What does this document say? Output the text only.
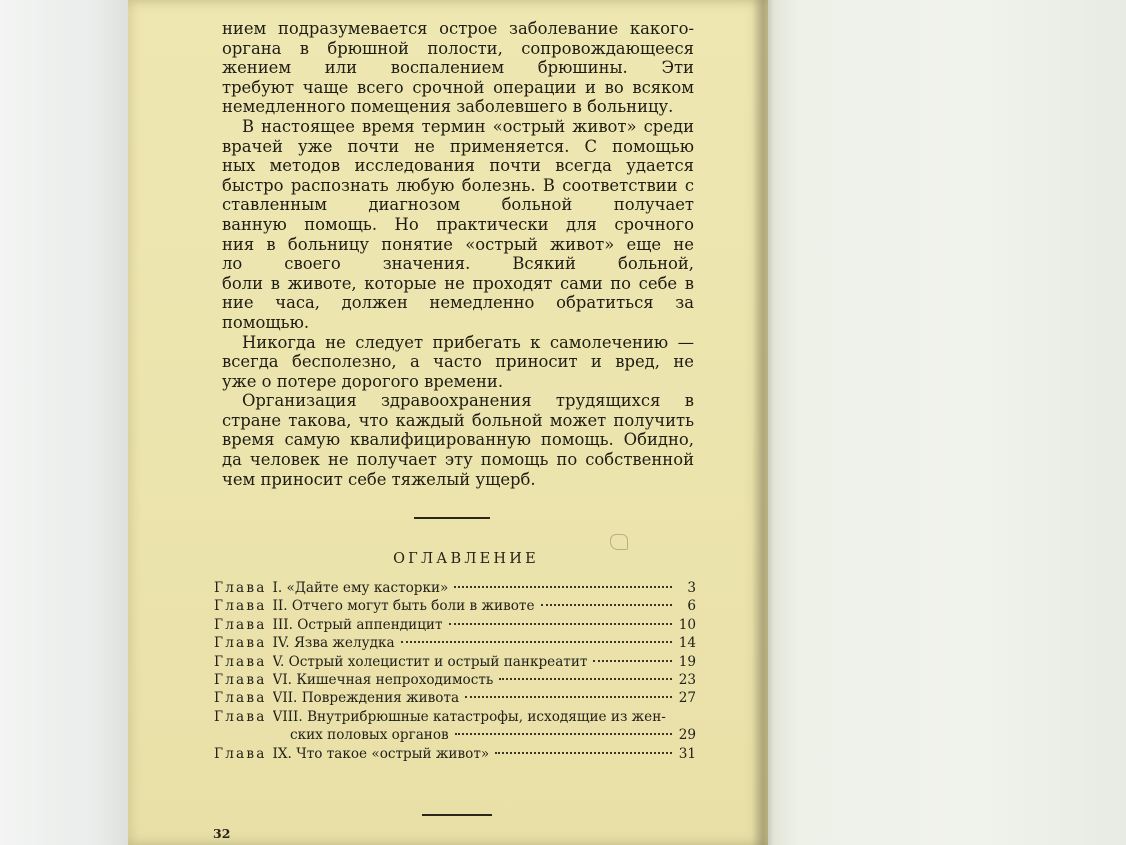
нием подразумевается острое заболевание какого-
органа в брюшной полости, сопровождающееся
жением или воспалением брюшины. Эти
требуют чаще всего срочной операции и во всяком
немедленного помещения заболевшего в больницу.
В настоящее время термин «острый живот» среди
врачей уже почти не применяется. С помощью
ных методов исследования почти всегда удается
быстро распознать любую болезнь. В соответствии с
ставленным диагнозом больной получает
ванную помощь. Но практически для срочного
ния в больницу понятие «острый живот» еще не
ло своего значения. Всякий больной,
боли в животе, которые не проходят сами по себе в
ние часа, должен немедленно обратиться за
помощью.
Никогда не следует прибегать к самолечению —
всегда бесполезно, а часто приносит и вред, не
уже о потере дорогого времени.
Организация здравоохранения трудящихся в
стране такова, что каждый больной может получить
время самую квалифицированную помощь. Обидно,
да человек не получает эту помощь по собственной
чем приносит себе тяжелый ущерб.
ОГЛАВЛЕНИЕ
Глава I. «Дайте ему касторки»	3
Глава II. Отчего могут быть боли в животе	6
Глава III. Острый аппендицит	10
Глава IV. Язва желудка	14
Глава V. Острый холецистит и острый панкреатит	19
Глава VI. Кишечная непроходимость	23
Глава VII. Повреждения живота	27
Глава VIII. Внутрибрюшные катастрофы, исходящие из жен-
ских половых органов	29
Глава IX. Что такое «острый живот»	31
32
